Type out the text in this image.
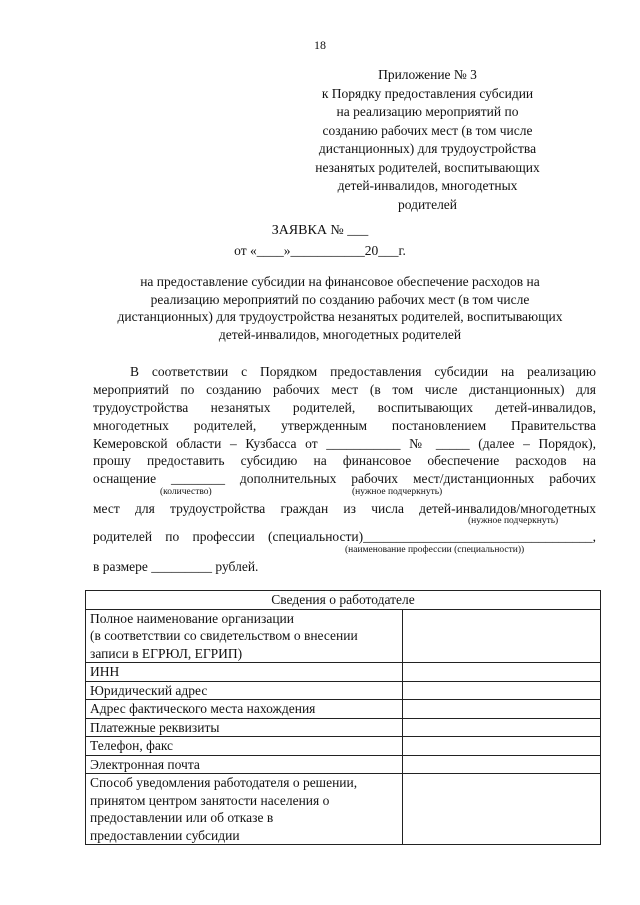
18
Приложение № 3
к Порядку предоставления субсидии
на реализацию мероприятий по
созданию рабочих мест (в том числе
дистанционных) для трудоустройства
незанятых родителей, воспитывающих
детей-инвалидов, многодетных
родителей
ЗАЯВКА № ___
от «____»___________20___г.
на предоставление субсидии на финансовое обеспечение расходов на
реализацию мероприятий по созданию рабочих мест (в том числе
дистанционных) для трудоустройства незанятых родителей, воспитывающих
детей-инвалидов, многодетных родителей
В соответствии с Порядком предоставления субсидии на реализацию
мероприятий по созданию рабочих мест (в том числе дистанционных) для
трудоустройства незанятых родителей, воспитывающих детей-инвалидов,
многодетных родителей, утвержденным постановлением Правительства
Кемеровской области – Кузбасса от ___________ № _____ (далее – Порядок),
прошу предоставить субсидию на финансовое обеспечение расходов на
оснащение ________ дополнительных рабочих мест/дистанционных рабочих
(количество)	(нужное подчеркнуть)
мест для трудоустройства граждан из числа детей-инвалидов/многодетных
(нужное подчеркнуть)
родителей по профессии (специальности)__________________________________,
(наименование профессии (специальности))
в размере _________ рублей.
Сведения о работодателе	
Полное наименование организации
(в соответствии со свидетельством о внесении
записи в ЕГРЮЛ, ЕГРИП)	
ИНН	
Юридический адрес	
Адрес фактического места нахождения	
Платежные реквизиты	
Телефон, факс	
Электронная почта	
Способ уведомления работодателя о решении,
принятом центром занятости населения о
предоставлении или об отказе в
предоставлении субсидии	
